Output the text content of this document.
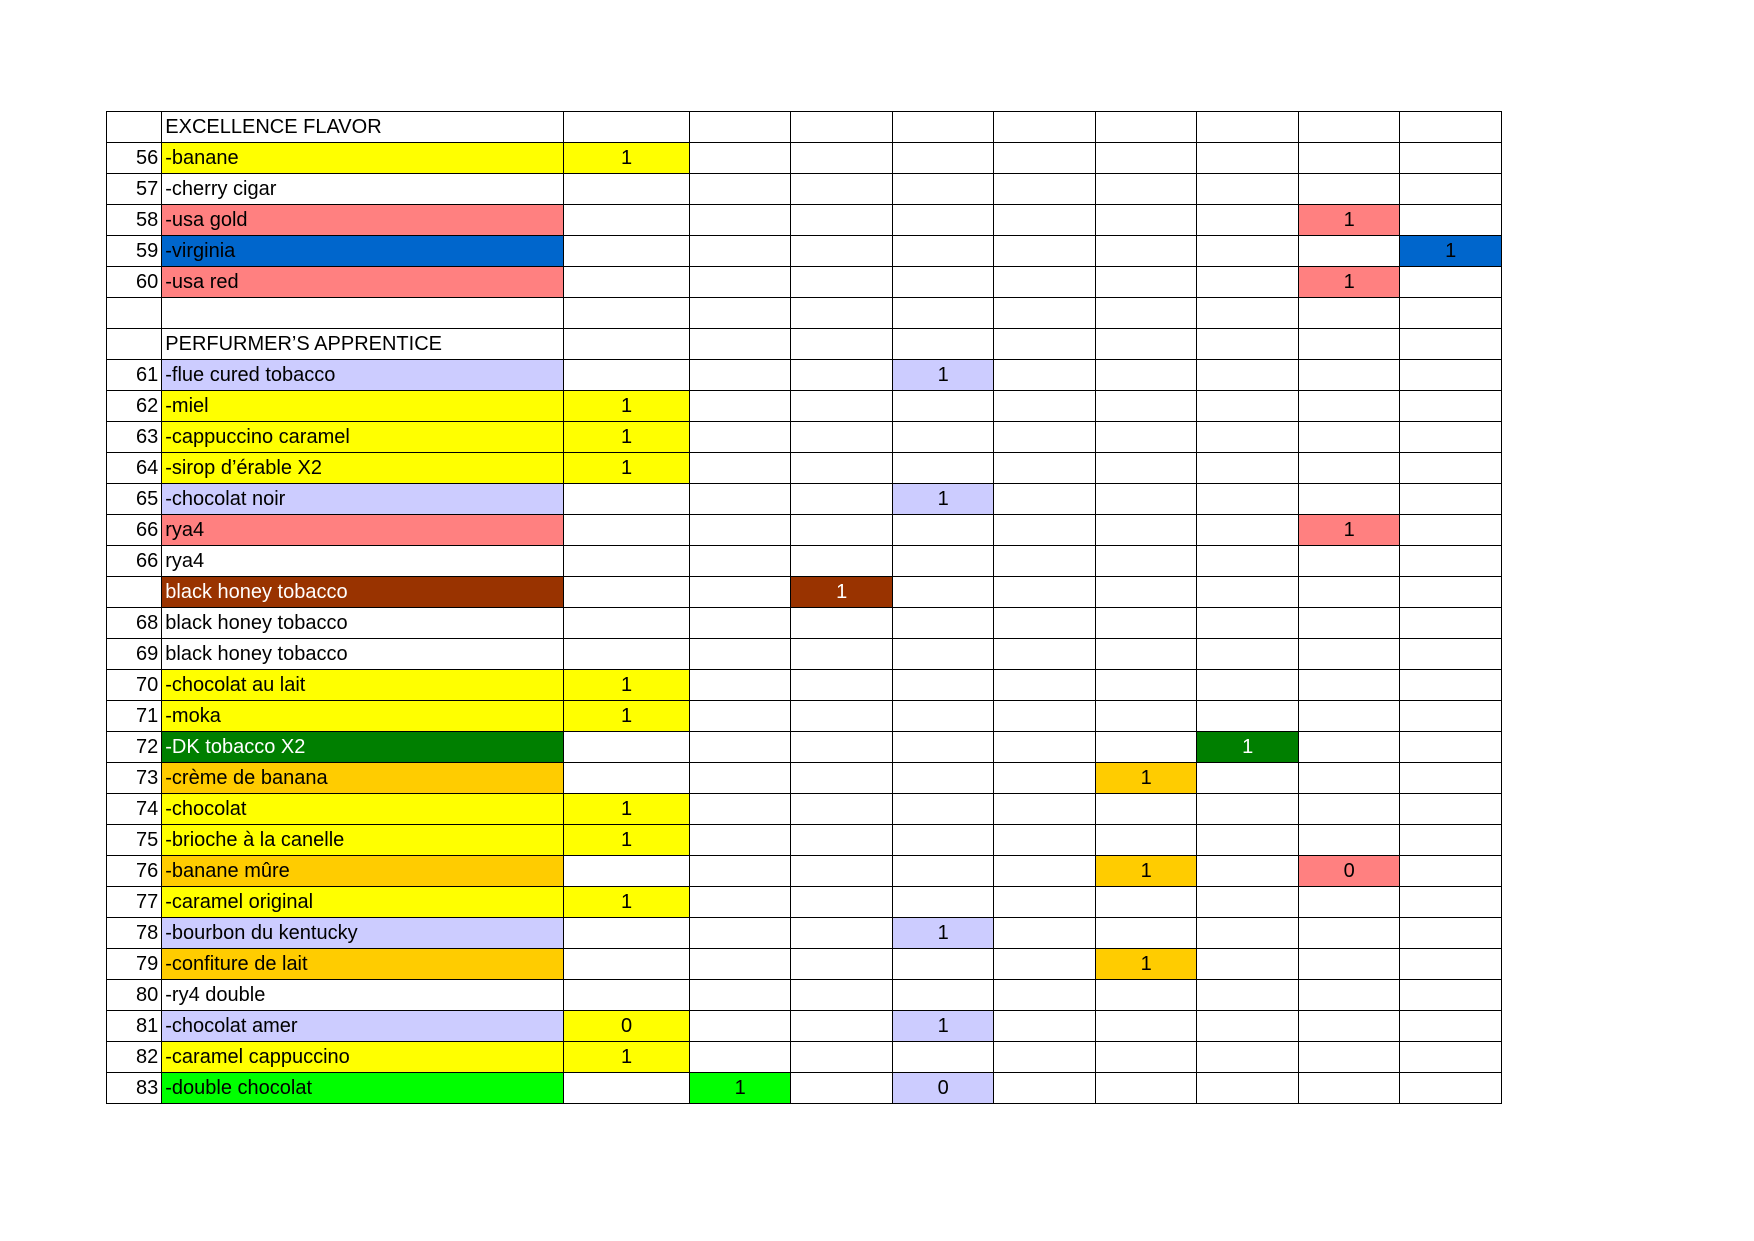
	EXCELLENCE FLAVOR									
56	-banane	1								
57	-cherry cigar									
58	-usa gold								1	
59	-virginia									1
60	-usa red								1	

	PERFURMER’S APPRENTICE									
61	-flue cured tobacco				1					
62	-miel	1								
63	-cappuccino caramel	1								
64	-sirop d’érable X2	1								
65	-chocolat noir				1					
66	rya4								1	
66	rya4									
	black honey tobacco			1						
68	black honey tobacco									
69	black honey tobacco									
70	-chocolat au lait	1								
71	-moka	1								
72	-DK tobacco X2							1		
73	-crème de banana						1			
74	-chocolat	1								
75	-brioche à la canelle	1								
76	-banane mûre						1		0	
77	-caramel original	1								
78	-bourbon du kentucky				1					
79	-confiture de lait						1			
80	-ry4 double									
81	-chocolat amer	0			1					
82	-caramel cappuccino	1								
83	-double chocolat		1		0					
